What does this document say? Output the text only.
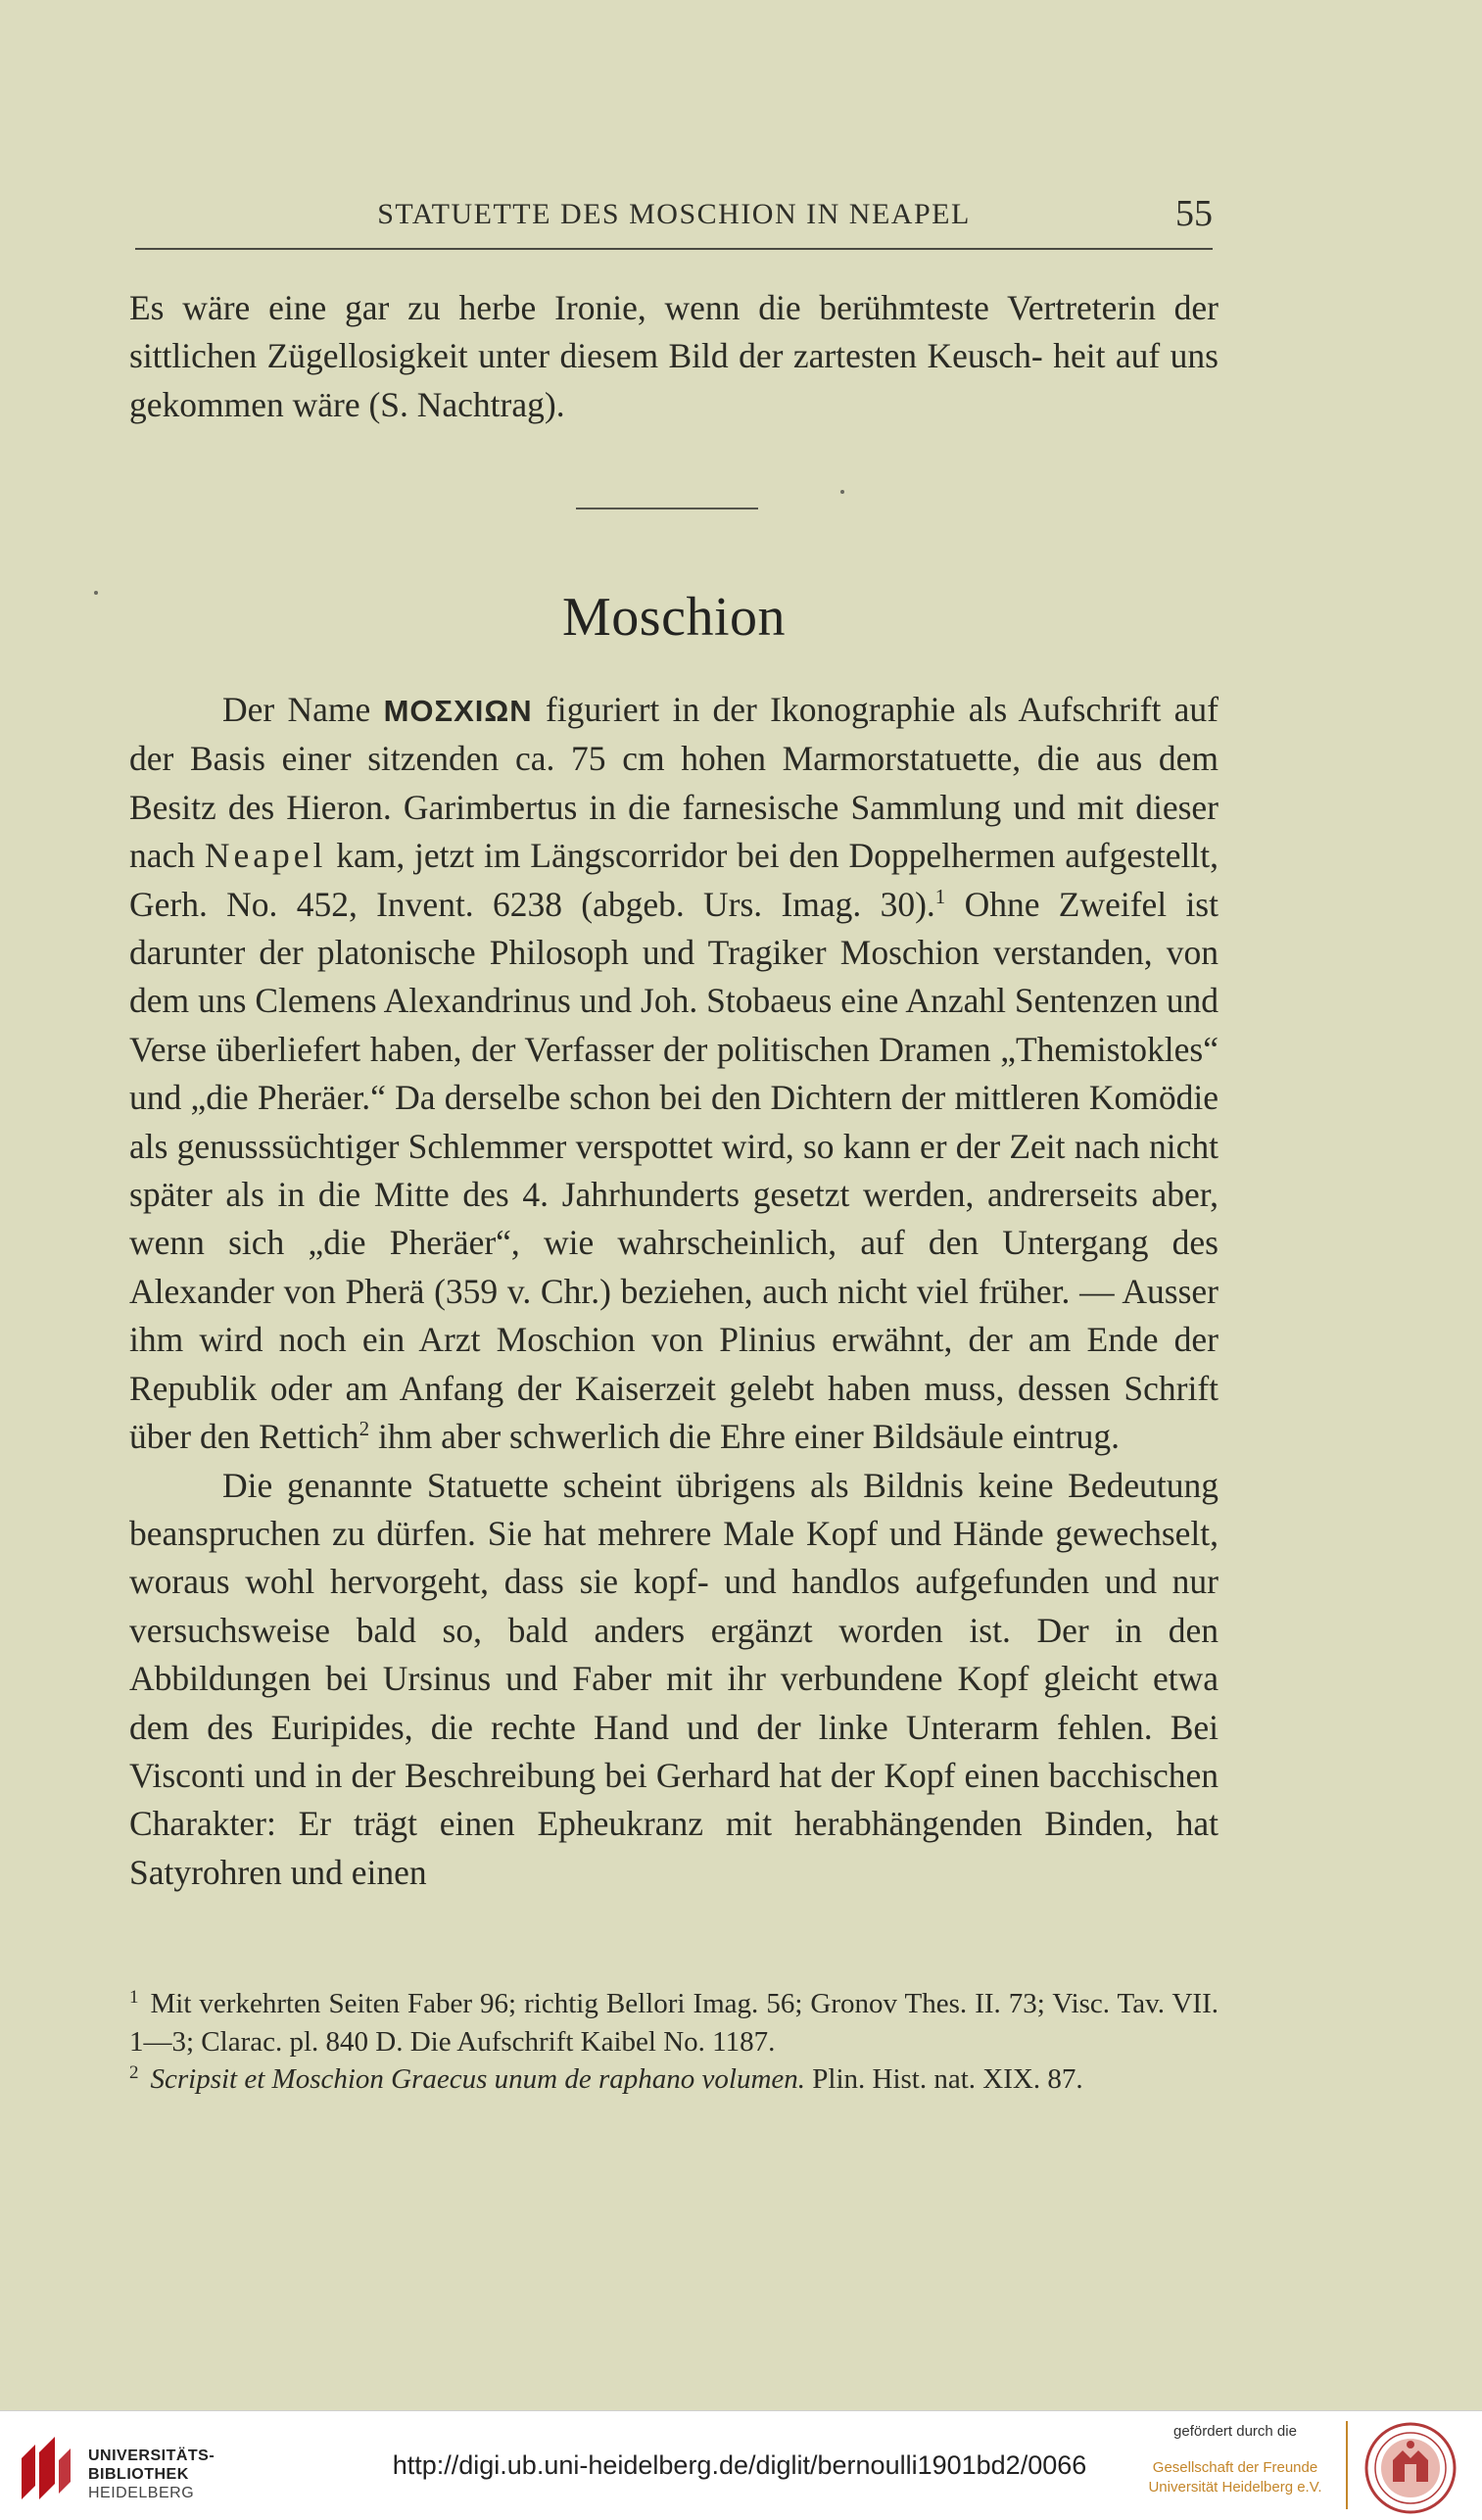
STATUETTE DES MOSCHION IN NEAPEL	55

Es wäre eine gar zu herbe Ironie, wenn die berühmteste Vertreterin der sittlichen Zügellosigkeit unter diesem Bild der zartesten Keusch- heit auf uns gekommen wäre (S. Nachtrag).

Moschion

Der Name ΜΟΣΧΙΩΝ figuriert in der Ikonographie als Aufschrift auf der Basis einer sitzenden ca. 75 cm hohen Marmorstatuette, die aus dem Besitz des Hieron. Garimbertus in die farnesische Sammlung und mit dieser nach Neapel kam, jetzt im Längscorridor bei den Doppelhermen aufgestellt, Gerh. No. 452, Invent. 6238 (abgeb. Urs. Imag. 30).$^1$ Ohne Zweifel ist darunter der platonische Philosoph und Tragiker Moschion verstanden, von dem uns Clemens Alexandrinus und Joh. Stobaeus eine Anzahl Sentenzen und Verse überliefert haben, der Verfasser der politischen Dramen „Themistokles“ und „die Pheräer.“ Da derselbe schon bei den Dichtern der mittleren Komödie als genusssüchtiger Schlemmer verspottet wird, so kann er der Zeit nach nicht später als in die Mitte des 4. Jahrhunderts gesetzt werden, andrerseits aber, wenn sich „die Pheräer“, wie wahrscheinlich, auf den Untergang des Alexander von Pherä (359 v. Chr.) beziehen, auch nicht viel früher. — Ausser ihm wird noch ein Arzt Moschion von Plinius erwähnt, der am Ende der Republik oder am Anfang der Kaiserzeit gelebt haben muss, dessen Schrift über den Rettich$^2$ ihm aber schwerlich die Ehre einer Bildsäule eintrug.

Die genannte Statuette scheint übrigens als Bildnis keine Bedeutung beanspruchen zu dürfen. Sie hat mehrere Male Kopf und Hände gewechselt, woraus wohl hervorgeht, dass sie kopf- und handlos aufgefunden und nur versuchsweise bald so, bald anders ergänzt worden ist. Der in den Abbildungen bei Ursinus und Faber mit ihr verbundene Kopf gleicht etwa dem des Euripides, die rechte Hand und der linke Unterarm fehlen. Bei Visconti und in der Beschreibung bei Gerhard hat der Kopf einen bacchischen Charakter: Er trägt einen Epheukranz mit herabhängenden Binden, hat Satyrohren und einen

$^1$ Mit verkehrten Seiten Faber 96; richtig Bellori Imag. 56; Gronov Thes. II. 73; Visc. Tav. VII. 1—3; Clarac. pl. 840 D. Die Aufschrift Kaibel No. 1187.

$^2$ Scripsit et Moschion Graecus unum de raphano volumen. Plin. Hist. nat. XIX. 87.

UNIVERSITÄTS-
BIBLIOTHEK
HEIDELBERG
http://digi.ub.uni-heidelberg.de/diglit/bernoulli1901bd2/0066
gefördert durch die
Gesellschaft der Freunde
Universität Heidelberg e.V.
